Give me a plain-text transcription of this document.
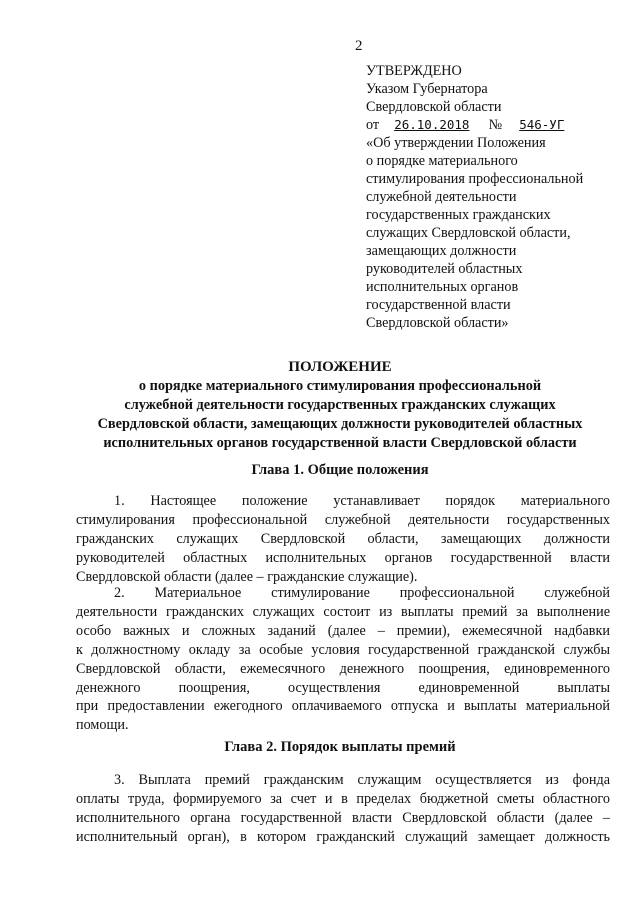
2
УТВЕРЖДЕНО
Указом Губернатора
Свердловской области
от 26.10.2018 № 546-УГ
«Об утверждении Положения
о порядке материального
стимулирования профессиональной
служебной деятельности
государственных гражданских
служащих Свердловской области,
замещающих должности
руководителей областных
исполнительных органов
государственной власти
Свердловской области»
ПОЛОЖЕНИЕ
о порядке материального стимулирования профессиональной
служебной деятельности государственных гражданских служащих
Свердловской области, замещающих должности руководителей областных
исполнительных органов государственной власти Свердловской области
Глава 1. Общие положения
1. Настоящее положение устанавливает порядок материального
стимулирования профессиональной служебной деятельности государственных
гражданских служащих Свердловской области, замещающих должности
руководителей областных исполнительных органов государственной власти
Свердловской области (далее – гражданские служащие).
2. Материальное стимулирование профессиональной служебной
деятельности гражданских служащих состоит из выплаты премий за выполнение
особо важных и сложных заданий (далее – премии), ежемесячной надбавки
к должностному окладу за особые условия государственной гражданской службы
Свердловской области, ежемесячного денежного поощрения, единовременного
денежного поощрения, осуществления единовременной выплаты
при предоставлении ежегодного оплачиваемого отпуска и выплаты материальной
помощи.
Глава 2. Порядок выплаты премий
3. Выплата премий гражданским служащим осуществляется из фонда
оплаты труда, формируемого за счет и в пределах бюджетной сметы областного
исполнительного органа государственной власти Свердловской области (далее –
исполнительный орган), в котором гражданский служащий замещает должность
